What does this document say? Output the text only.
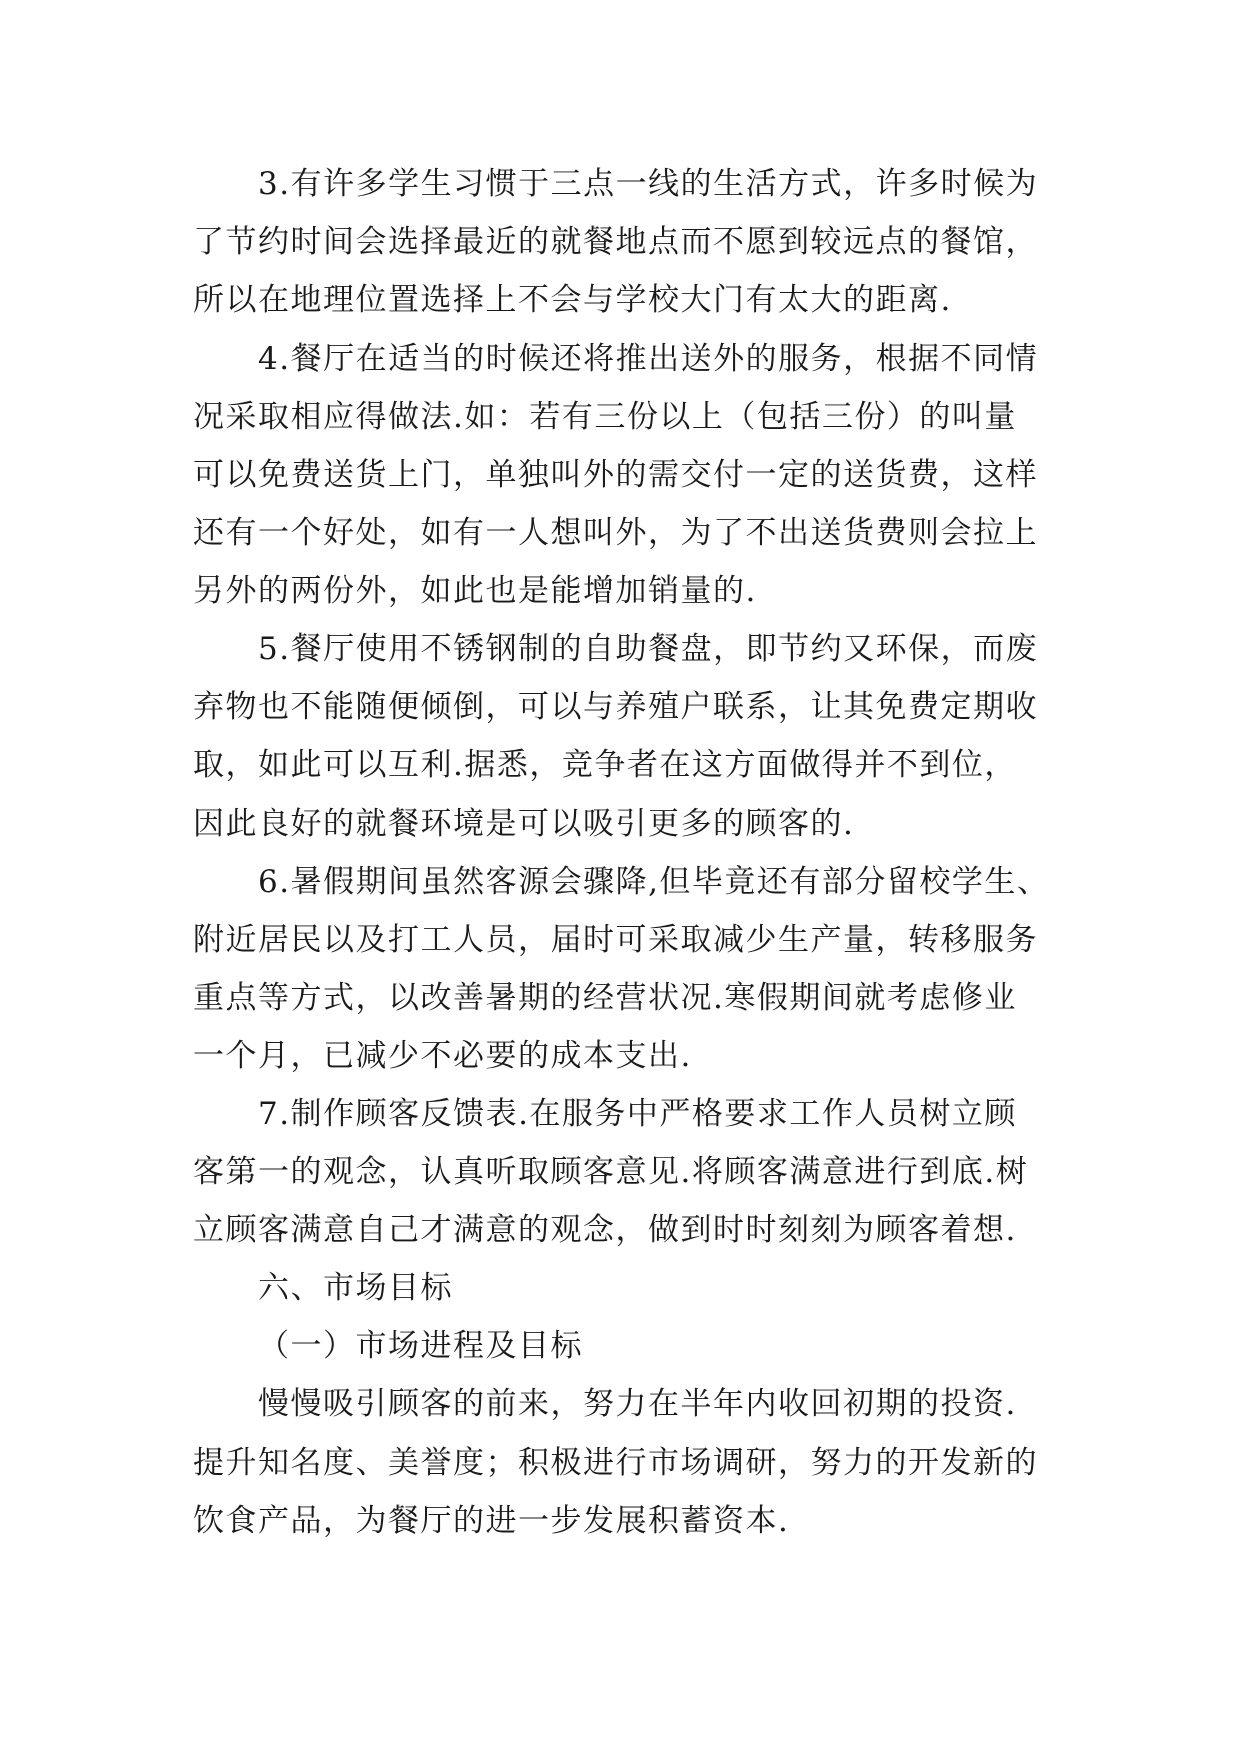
3.有许多学生习惯于三点一线的生活方式，许多时候为
了节约时间会选择最近的就餐地点而不愿到较远点的餐馆，
所以在地理位置选择上不会与学校大门有太大的距离.
4.餐厅在适当的时候还将推出送外的服务，根据不同情
况采取相应得做法.如：若有三份以上（包括三份）的叫量
可以免费送货上门，单独叫外的需交付一定的送货费，这样
还有一个好处，如有一人想叫外，为了不出送货费则会拉上
另外的两份外，如此也是能增加销量的.
5.餐厅使用不锈钢制的自助餐盘，即节约又环保，而废
弃物也不能随便倾倒，可以与养殖户联系，让其免费定期收
取，如此可以互利.据悉，竞争者在这方面做得并不到位，
因此良好的就餐环境是可以吸引更多的顾客的.
6.暑假期间虽然客源会骤降,但毕竟还有部分留校学生、
附近居民以及打工人员，届时可采取减少生产量，转移服务
重点等方式，以改善暑期的经营状况.寒假期间就考虑修业
一个月，已减少不必要的成本支出.
7.制作顾客反馈表.在服务中严格要求工作人员树立顾
客第一的观念，认真听取顾客意见.将顾客满意进行到底.树
立顾客满意自己才满意的观念，做到时时刻刻为顾客着想.
六、市场目标
（一）市场进程及目标
慢慢吸引顾客的前来，努力在半年内收回初期的投资.
提升知名度、美誉度；积极进行市场调研，努力的开发新的
饮食产品，为餐厅的进一步发展积蓄资本.
